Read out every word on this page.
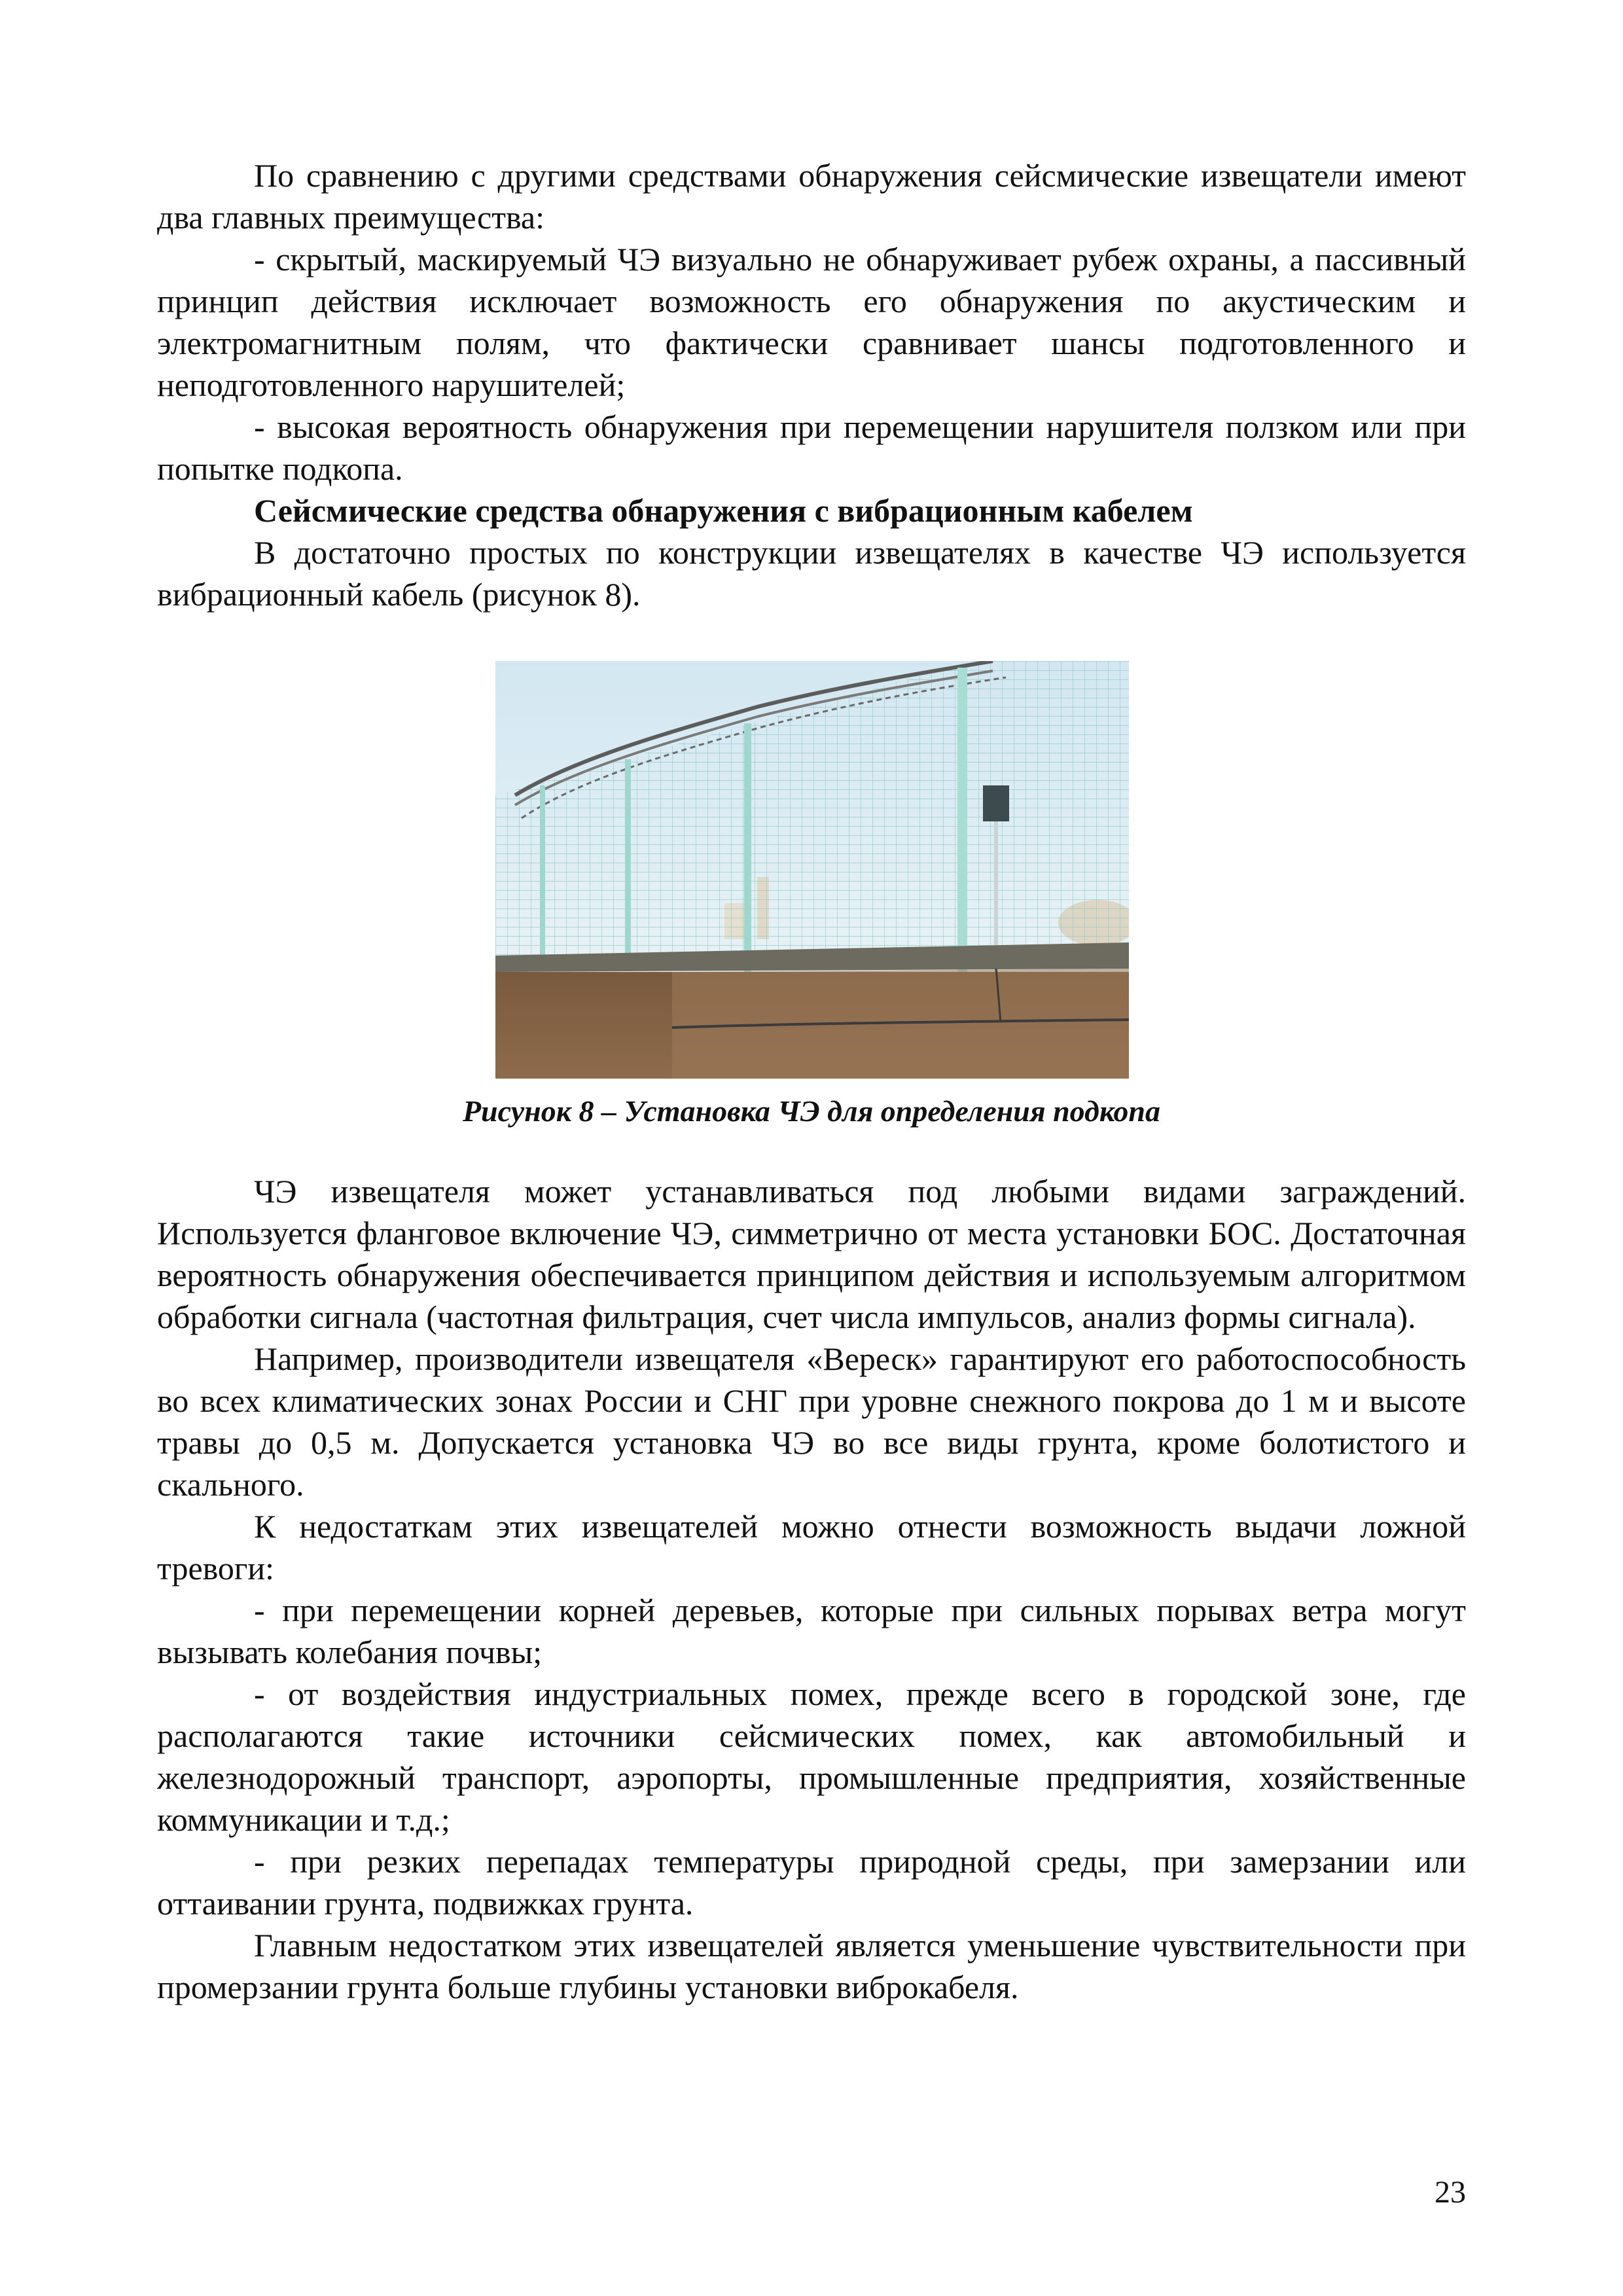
По сравнению с другими средствами обнаружения сейсмические извещатели имеют два главных преимущества:

- скрытый, маскируемый ЧЭ визуально не обнаруживает рубеж охраны, а пассивный принцип действия исключает возможность его обнаружения по акустическим и электромагнитным полям, что фактически сравнивает шансы подготовленного и неподготовленного нарушителей;

- высокая вероятность обнаружения при перемещении нарушителя ползком или при попытке подкопа.

Сейсмические средства обнаружения с вибрационным кабелем

В достаточно простых по конструкции извещателях в качестве ЧЭ используется вибрационный кабель (рисунок 8).

Рисунок 8 – Установка ЧЭ для определения подкопа

ЧЭ извещателя может устанавливаться под любыми видами заграждений. Используется фланговое включение ЧЭ, симметрично от места установки БОС. Достаточная вероятность обнаружения обеспечивается принципом действия и используемым алгоритмом обработки сигнала (частотная фильтрация, счет числа импульсов, анализ формы сигнала).

Например, производители извещателя «Вереск» гарантируют его работоспособность во всех климатических зонах России и СНГ при уровне снежного покрова до 1 м и высоте травы до 0,5 м. Допускается установка ЧЭ во все виды грунта, кроме болотистого и скального.

К недостаткам этих извещателей можно отнести возможность выдачи ложной тревоги:

- при перемещении корней деревьев, которые при сильных порывах ветра могут вызывать колебания почвы;

- от воздействия индустриальных помех, прежде всего в городской зоне, где располагаются такие источники сейсмических помех, как автомобильный и железнодорожный транспорт, аэропорты, промышленные предприятия, хозяйственные коммуникации и т.д.;

- при резких перепадах температуры природной среды, при замерзании или оттаивании грунта, подвижках грунта.

Главным недостатком этих извещателей является уменьшение чувствительности при промерзании грунта больше глубины установки виброкабеля.

23
